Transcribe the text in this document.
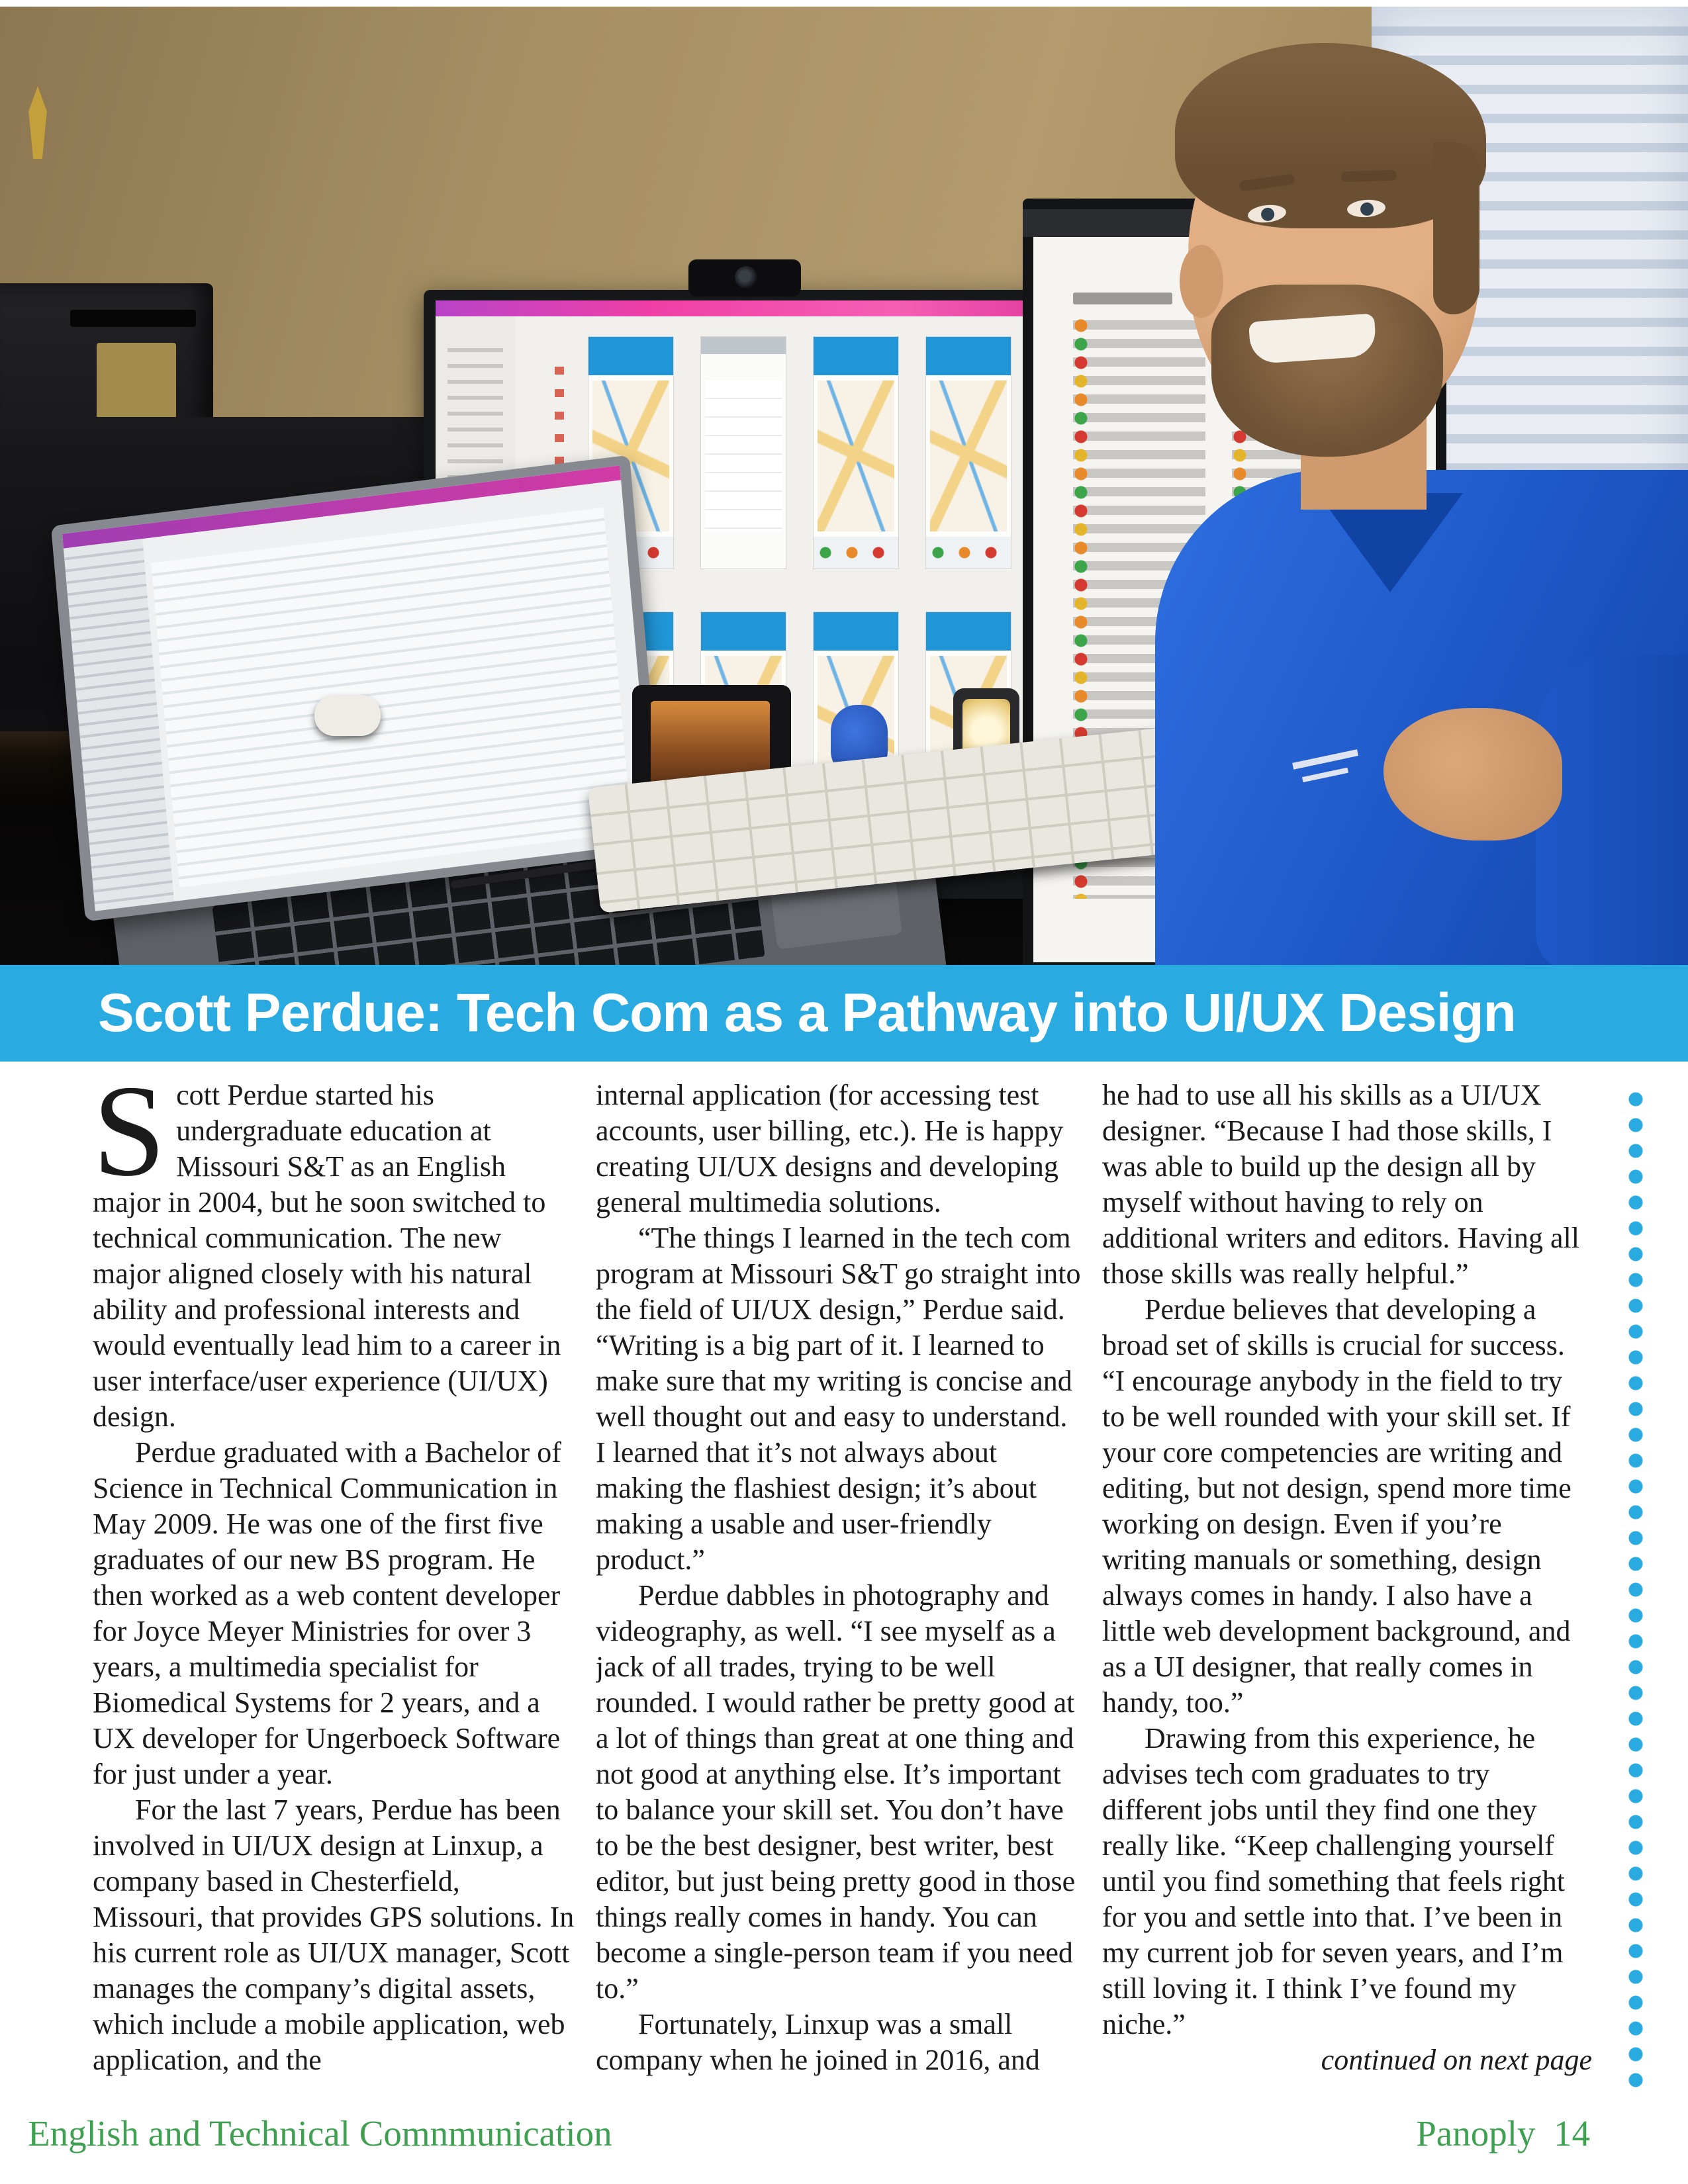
Scott Perdue: Tech Com as a Pathway into UI/UX Design

Scott Perdue started his undergraduate education at Missouri S&T as an English major in 2004, but he soon switched to technical communication. The new major aligned closely with his natural ability and professional interests and would eventually lead him to a career in user interface/user experience (UI/UX) design.

Perdue graduated with a Bachelor of Science in Technical Communication in May 2009. He was one of the first five graduates of our new BS program. He then worked as a web content developer for Joyce Meyer Ministries for over 3 years, a multimedia specialist for Biomedical Systems for 2 years, and a UX developer for Ungerboeck Software for just under a year.

For the last 7 years, Perdue has been involved in UI/UX design at Linxup, a company based in Chesterfield, Missouri, that provides GPS solutions. In his current role as UI/UX manager, Scott manages the company’s digital assets, which include a mobile application, web application, and the

internal application (for accessing test accounts, user billing, etc.). He is happy creating UI/UX designs and developing general multimedia solutions.

“The things I learned in the tech com program at Missouri S&T go straight into the field of UI/UX design,” Perdue said. “Writing is a big part of it. I learned to make sure that my writing is concise and well thought out and easy to understand. I learned that it’s not always about making the flashiest design; it’s about making a usable and user-friendly product.”

Perdue dabbles in photography and videography, as well. “I see myself as a jack of all trades, trying to be well rounded. I would rather be pretty good at a lot of things than great at one thing and not good at anything else. It’s important to balance your skill set. You don’t have to be the best designer, best writer, best editor, but just being pretty good in those things really comes in handy. You can become a single-person team if you need to.”

Fortunately, Linxup was a small company when he joined in 2016, and

he had to use all his skills as a UI/UX designer. “Because I had those skills, I was able to build up the design all by myself without having to rely on additional writers and editors. Having all those skills was really helpful.”

Perdue believes that developing a broad set of skills is crucial for success. “I encourage anybody in the field to try to be well rounded with your skill set. If your core competencies are writing and editing, but not design, spend more time working on design. Even if you’re writing manuals or something, design always comes in handy. I also have a little web development background, and as a UI designer, that really comes in handy, too.”

Drawing from this experience, he advises tech com graduates to try different jobs until they find one they really like. “Keep challenging yourself until you find something that feels right for you and settle into that. I’ve been in my current job for seven years, and I’m still loving it. I think I’ve found my niche.”

continued on next page

English and Technical Comnmunication	Panoply  14
